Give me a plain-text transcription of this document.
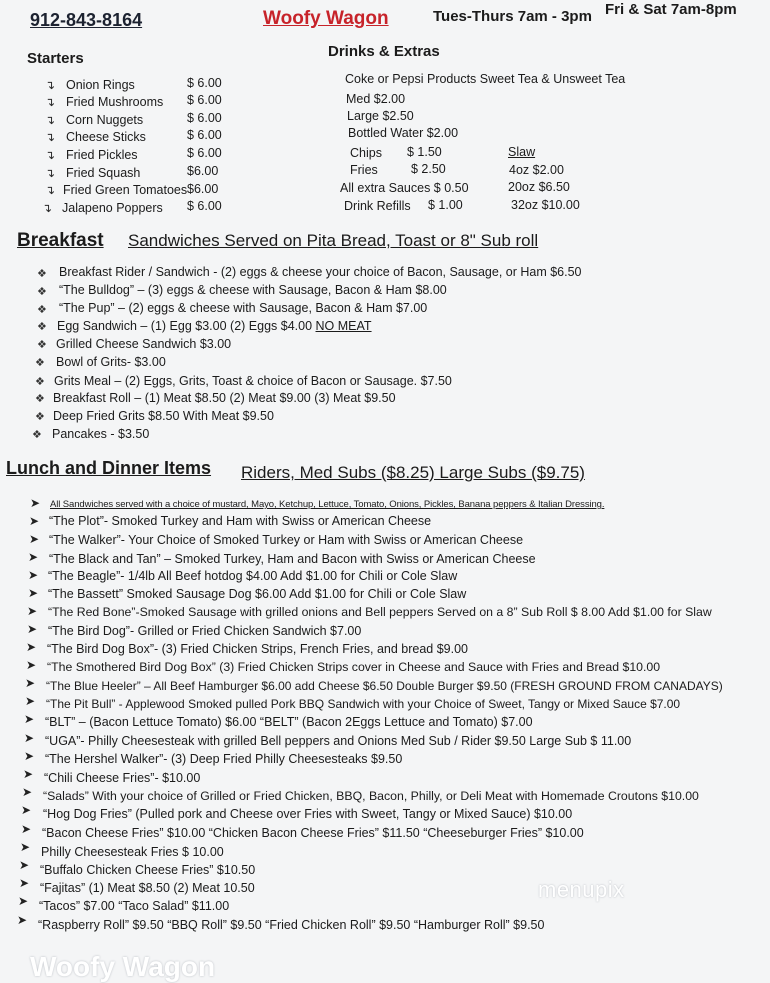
912-843-8164	Woofy Wagon	Tues-Thurs 7am - 3pm Fri & Sat 7am-8pm
Starters
↴ Onion Rings	$ 6.00
↴ Fried Mushrooms $ 6.00
↴ Corn Nuggets	$ 6.00
↴ Cheese Sticks	$ 6.00
↴ Fried Pickles	$ 6.00
↴ Fried Squash	$6.00
↴ Fried Green Tomatoes $6.00
↴ Jalapeno Poppers $ 6.00
Drinks & Extras
Coke or Pepsi Products Sweet Tea & Unsweet Tea
Med $2.00
Large $2.50
Bottled Water $2.00
Chips $ 1.50
Fries	$ 2.50
All extra Sauces $ 0.50
Drink Refills $ 1.00
Slaw
4oz $2.00
20oz $6.50
32oz $10.00
Breakfast Sandwiches Served on Pita Bread, Toast or 8" Sub roll
❖ Breakfast Rider / Sandwich - (2) eggs & cheese your choice of Bacon, Sausage, or Ham $6.50
❖ “The Bulldog” – (3) eggs & cheese with Sausage, Bacon & Ham $8.00
❖ “The Pup” – (2) eggs & cheese with Sausage, Bacon & Ham $7.00
❖ Egg Sandwich – (1) Egg $3.00 (2) Eggs $4.00 NO MEAT
❖ Grilled Cheese Sandwich $3.00
❖ Bowl of Grits- $3.00
❖ Grits Meal – (2) Eggs, Grits, Toast & choice of Bacon or Sausage. $7.50
❖ Breakfast Roll – (1) Meat $8.50 (2) Meat $9.00 (3) Meat $9.50
❖ Deep Fried Grits $8.50 With Meat $9.50
❖ Pancakes - $3.50
Lunch and Dinner Items Riders, Med Subs ($8.25) Large Subs ($9.75)
All Sandwiches served with a choice of mustard, Mayo, Ketchup, Lettuce, Tomato, Onions, Pickles, Banana peppers & Italian Dressing.
➤
➤ “The Plot”- Smoked Turkey and Ham with Swiss or American Cheese
➤ “The Walker”- Your Choice of Smoked Turkey or Ham with Swiss or American Cheese
➤ “The Black and Tan” – Smoked Turkey, Ham and Bacon with Swiss or American Cheese
➤ “The Beagle”- 1/4lb All Beef hotdog $4.00 Add $1.00 for Chili or Cole Slaw
➤ “The Bassett” Smoked Sausage Dog $6.00 Add $1.00 for Chili or Cole Slaw
➤ “The Red Bone”-Smoked Sausage with grilled onions and Bell peppers Served on a 8” Sub Roll $ 8.00 Add $1.00 for Slaw
➤ “The Bird Dog”- Grilled or Fried Chicken Sandwich $7.00
➤ “The Bird Dog Box”- (3) Fried Chicken Strips, French Fries, and bread $9.00
➤ “The Smothered Bird Dog Box” (3) Fried Chicken Strips cover in Cheese and Sauce with Fries and Bread $10.00
➤ “The Blue Heeler” – All Beef Hamburger $6.00 add Cheese $6.50 Double Burger $9.50 (FRESH GROUND FROM CANADAYS)
➤ “The Pit Bull” - Applewood Smoked pulled Pork BBQ Sandwich with your Choice of Sweet, Tangy or Mixed Sauce $7.00
➤ “BLT” – (Bacon Lettuce Tomato) $6.00 “BELT” (Bacon 2Eggs Lettuce and Tomato) $7.00
➤ “UGA”- Philly Cheesesteak with grilled Bell peppers and Onions Med Sub / Rider $9.50 Large Sub $ 11.00
➤ “The Hershel Walker”- (3) Deep Fried Philly Cheesesteaks $9.50
➤ “Chili Cheese Fries”- $10.00
➤ “Salads” With your choice of Grilled or Fried Chicken, BBQ, Bacon, Philly, or Deli Meat with Homemade Croutons $10.00
➤ “Hog Dog Fries” (Pulled pork and Cheese over Fries with Sweet, Tangy or Mixed Sauce) $10.00
➤ “Bacon Cheese Fries” $10.00 “Chicken Bacon Cheese Fries” $11.50 “Cheeseburger Fries” $10.00
➤ Philly Cheesesteak Fries $ 10.00
➤ “Buffalo Chicken Cheese Fries” $10.50
➤ “Fajitas” (1) Meat $8.50 (2) Meat 10.50
➤ “Tacos” $7.00 “Taco Salad” $11.00
➤ “Raspberry Roll” $9.50 “BBQ Roll” $9.50 “Fried Chicken Roll” $9.50 “Hamburger Roll” $9.50
menupix
Woofy Wagon
